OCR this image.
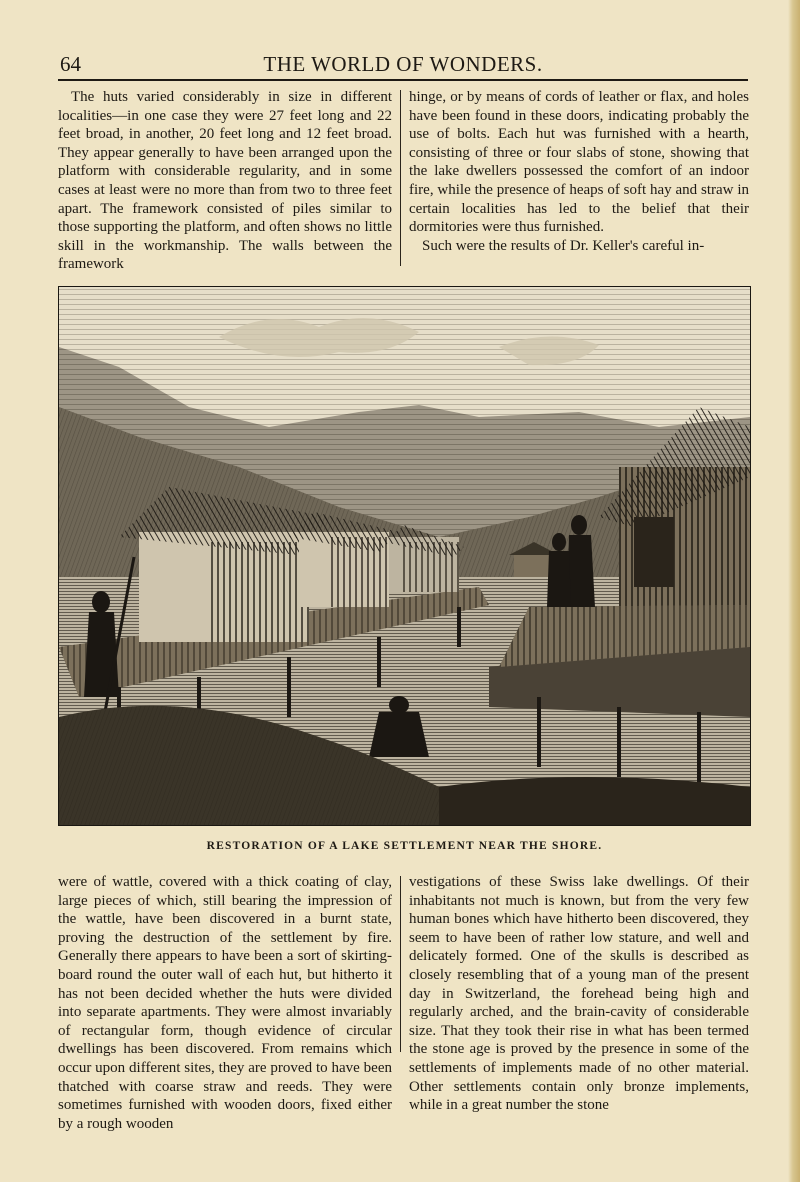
64	THE WORLD OF WONDERS.

The huts varied considerably in size in different localities—in one case they were 27 feet long and 22 feet broad, in another, 20 feet long and 12 feet broad. They appear generally to have been arranged upon the platform with considerable regularity, and in some cases at least were no more than from two to three feet apart. The framework consisted of piles similar to those supporting the platform, and often shows no little skill in the workmanship. The walls between the framework

hinge, or by means of cords of leather or flax, and holes have been found in these doors, indicating probably the use of bolts. Each hut was furnished with a hearth, consisting of three or four slabs of stone, showing that the lake dwellers possessed the comfort of an indoor fire, while the presence of heaps of soft hay and straw in certain localities has led to the belief that their dormitories were thus furnished.

Such were the results of Dr. Keller's careful in-

RESTORATION OF A LAKE SETTLEMENT NEAR THE SHORE.

were of wattle, covered with a thick coating of clay, large pieces of which, still bearing the impression of the wattle, have been discovered in a burnt state, proving the destruction of the settlement by fire. Generally there appears to have been a sort of skirting-board round the outer wall of each hut, but hitherto it has not been decided whether the huts were divided into separate apartments. They were almost invariably of rectangular form, though evidence of circular dwellings has been discovered. From remains which occur upon different sites, they are proved to have been thatched with coarse straw and reeds. They were sometimes furnished with wooden doors, fixed either by a rough wooden

vestigations of these Swiss lake dwellings. Of their inhabitants not much is known, but from the very few human bones which have hitherto been discovered, they seem to have been of rather low stature, and well and delicately formed. One of the skulls is described as closely resembling that of a young man of the present day in Switzerland, the forehead being high and regularly arched, and the brain-cavity of considerable size. That they took their rise in what has been termed the stone age is proved by the presence in some of the settlements of implements made of no other material. Other settlements contain only bronze implements, while in a great number the stone
